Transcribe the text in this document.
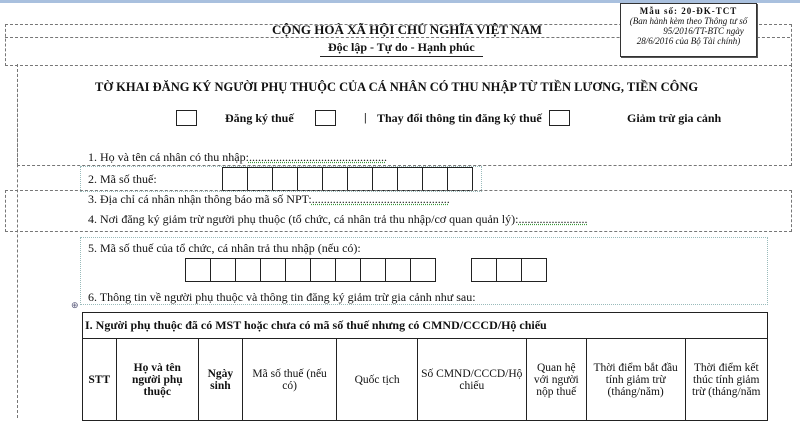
Mẫu số: 20-ĐK-TCT
(Ban hành kèm theo Thông tư số
95/2016/TT-BTC ngày
28/6/2016 của Bộ Tài chính)
CỘNG HOÀ XÃ HỘI CHỦ NGHĨA VIỆT NAM
Độc lập - Tự do - Hạnh phúc
TỜ KHAI ĐĂNG KÝ NGƯỜI PHỤ THUỘC CỦA CÁ NHÂN CÓ THU NHẬP TỪ TIỀN LƯƠNG, TIỀN CÔNG
Đăng ký thuế	| Thay đổi thông tin đăng ký thuế	Giảm trừ gia cảnh
1. Họ và tên cá nhân có thu nhập:..............................................
2. Mã số thuế:
3. Địa chỉ cá nhân nhận thông báo mã số NPT:..............................................
4. Nơi đăng ký giảm trừ người phụ thuộc (tổ chức, cá nhân trả thu nhập/cơ quan quản lý):.......................
5. Mã số thuế của tổ chức, cá nhân trả thu nhập (nếu có):
6. Thông tin về người phụ thuộc và thông tin đăng ký giảm trừ gia cảnh như sau:
⊕
I. Người phụ thuộc đã có MST hoặc chưa có mã số thuế nhưng có CMND/CCCD/Hộ chiếu
STT	Họ và tên người phụ thuộc	Ngày sinh	Mã số thuế (nếu có)	Quốc tịch	Số CMND/CCCD/Hộ chiếu	Quan hệ với người nộp thuế	Thời điểm bắt đầu tính giảm trừ (tháng/năm)	Thời điểm kết thúc tính giảm trừ (tháng/năm
